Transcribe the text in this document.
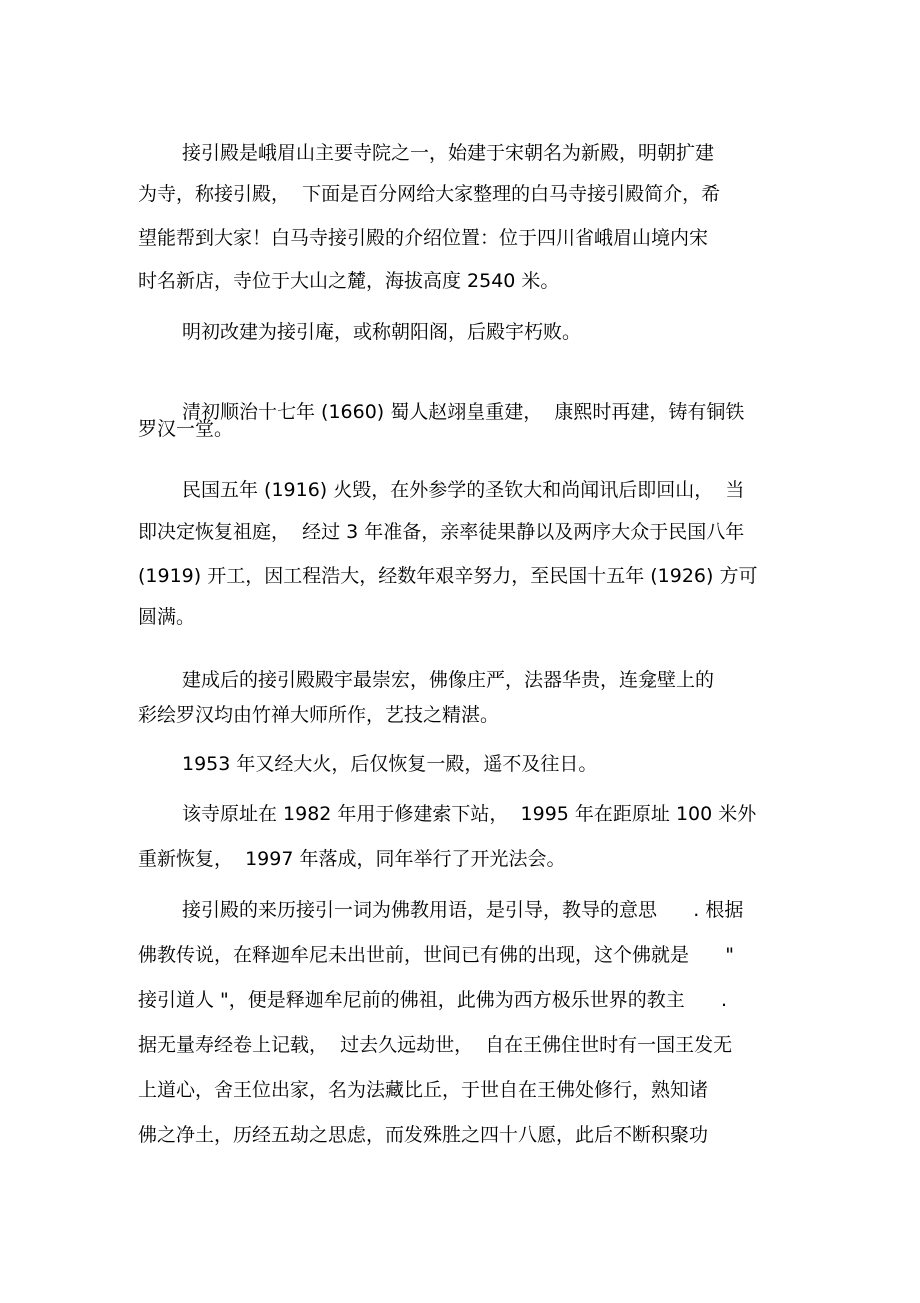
接引殿是峨眉山主要寺院之一，始建于宋朝名为新殿，明朝扩建
为寺，称接引殿，  下面是百分网给大家整理的白马寺接引殿简介，希
望能帮到大家！白马寺接引殿的介绍位置：位于四川省峨眉山境内宋
时名新店，寺位于大山之麓，海拔高度 2540 米。
明初改建为接引庵，或称朝阳阁，后殿宇朽败。
清初顺治十七年 (1660) 蜀人赵翊皇重建，  康熙时再建，铸有铜铁
罗汉一堂。
民国五年 (1916) 火毁，在外参学的圣钦大和尚闻讯后即回山，  当
即决定恢复祖庭，  经过 3 年准备，亲率徒果静以及两序大众于民国八年
(1919) 开工，因工程浩大，经数年艰辛努力，至民国十五年 (1926) 方可
圆满。
建成后的接引殿殿宇最崇宏，佛像庄严，法器华贵，连龛壁上的
彩绘罗汉均由竹禅大师所作，艺技之精湛。
1953 年又经大火，后仅恢复一殿，遥不及往日。
该寺原址在 1982 年用于修建索下站，  1995 年在距原址 100 米外
重新恢复，  1997 年落成，同年举行了开光法会。
接引殿的来历接引一词为佛教用语，是引导，教导的意思      . 根据
佛教传说，在释迦牟尼未出世前，世间已有佛的出现，这个佛就是      "
接引道人 "，便是释迦牟尼前的佛祖，此佛为西方极乐世界的教主      .
据无量寿经卷上记载，  过去久远劫世，  自在王佛住世时有一国王发无
上道心，舍王位出家，名为法藏比丘，于世自在王佛处修行，熟知诸
佛之净土，历经五劫之思虑，而发殊胜之四十八愿，此后不断积聚功
